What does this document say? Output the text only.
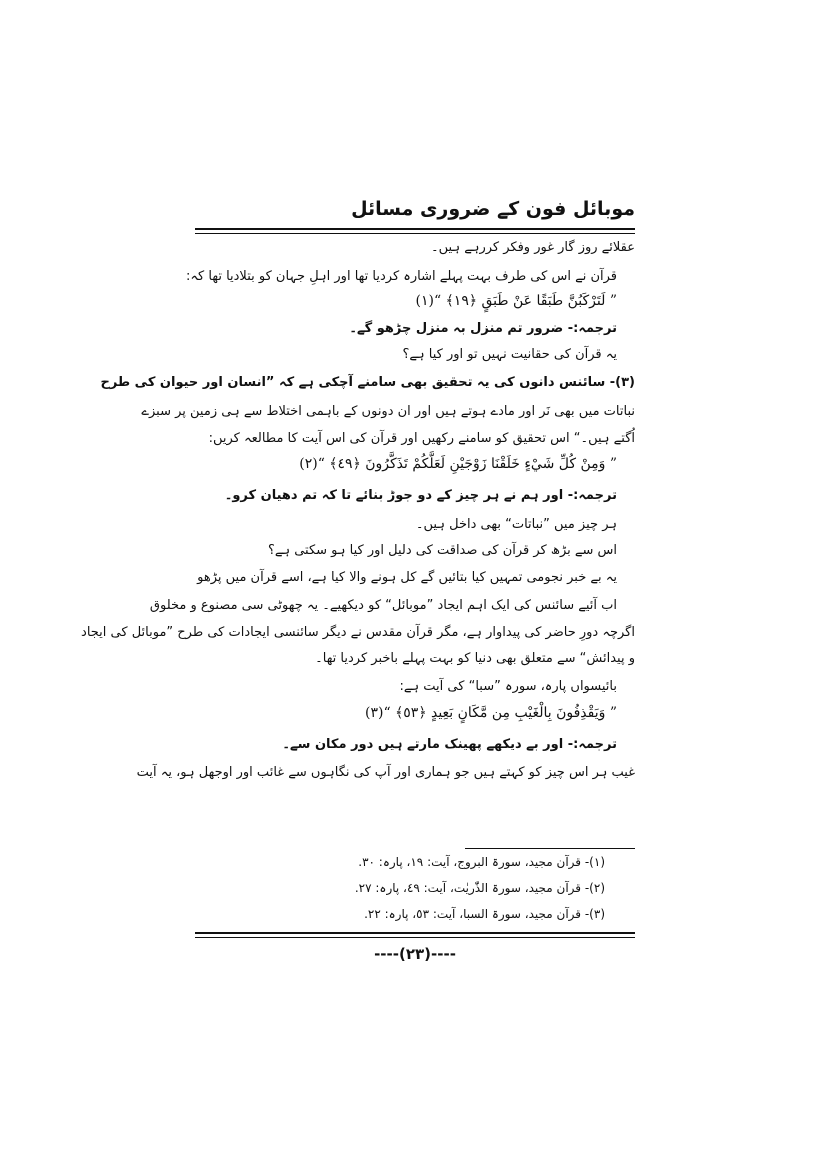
موبائل فون کے ضروری مسائل
عقلائے روز گار غور وفکر کررہے ہیں۔
قرآن نے اس کی طرف بہت پہلے اشارہ کردیا تھا اور اہلِ جہان کو بتلادیا تھا کہ:
” لَتَرْكَبُنَّ طَبَقًا عَنْ طَبَقٍ ﴿١٩﴾ “(١)
ترجمہ:- ضرور تم منزل بہ منزل چڑھو گے۔
یہ قرآن کی حقانیت نہیں تو اور کیا ہے؟
(٣)- سائنس دانوں کی یہ تحقیق بھی سامنے آچکی ہے کہ ”انسان اور حیوان کی طرح
نباتات میں بھی نَر اور مادے ہوتے ہیں اور ان دونوں کے باہمی اختلاط سے ہی زمین پر سبزے
اُگتے ہیں۔“ اس تحقیق کو سامنے رکھیں اور قرآن کی اس آیت کا مطالعہ کریں:
” وَمِنْ كُلِّ شَيْءٍ خَلَقْنَا زَوْجَيْنِ لَعَلَّكُمْ تَذَكَّرُونَ ﴿٤٩﴾ “(٢)
ترجمہ:- اور ہم نے ہر چیز کے دو جوڑ بنائے تا کہ تم دھیان کرو۔
ہر چیز میں ”نباتات“ بھی داخل ہیں۔
اس سے بڑھ کر قرآن کی صداقت کی دلیل اور کیا ہو سکتی ہے؟
یہ بے خبر نجومی تمہیں کیا بتائیں گے کل ہونے والا کیا ہے، اسے قرآن میں پڑھو
اب آئیے سائنس کی ایک اہم ایجاد ”موبائل“ کو دیکھیے۔ یہ چھوٹی سی مصنوع و مخلوق
اگرچہ دورِ حاضر کی پیداوار ہے، مگر قرآن مقدس نے دیگر سائنسی ایجادات کی طرح ”موبائل کی ایجاد
و پیدائش“ سے متعلق بھی دنیا کو بہت پہلے باخبر کردیا تھا۔
بائیسواں پارہ، سورہ ”سبا“ کی آیت ہے:
” وَيَقْذِفُونَ بِالْغَيْبِ مِن مَّكَانٍ بَعِيدٍ ﴿٥٣﴾ “(٣)
ترجمہ:- اور بے دیکھے پھینک مارتے ہیں دور مکان سے۔
غیب ہر اس چیز کو کہتے ہیں جو ہماری اور آپ کی نگاہوں سے غائب اور اوجھل ہو، یہ آیت
(١)- قرآن مجید، سورۃ البروج، آیت: ١٩، پارہ: ٣٠.
(٢)- قرآن مجید، سورۃ الذّٰریٰت، آیت: ٤٩، پارہ: ٢٧.
(٣)- قرآن مجید، سورۃ السبا، آیت: ٥٣، پارہ: ٢٢.
----(٢٣)----
